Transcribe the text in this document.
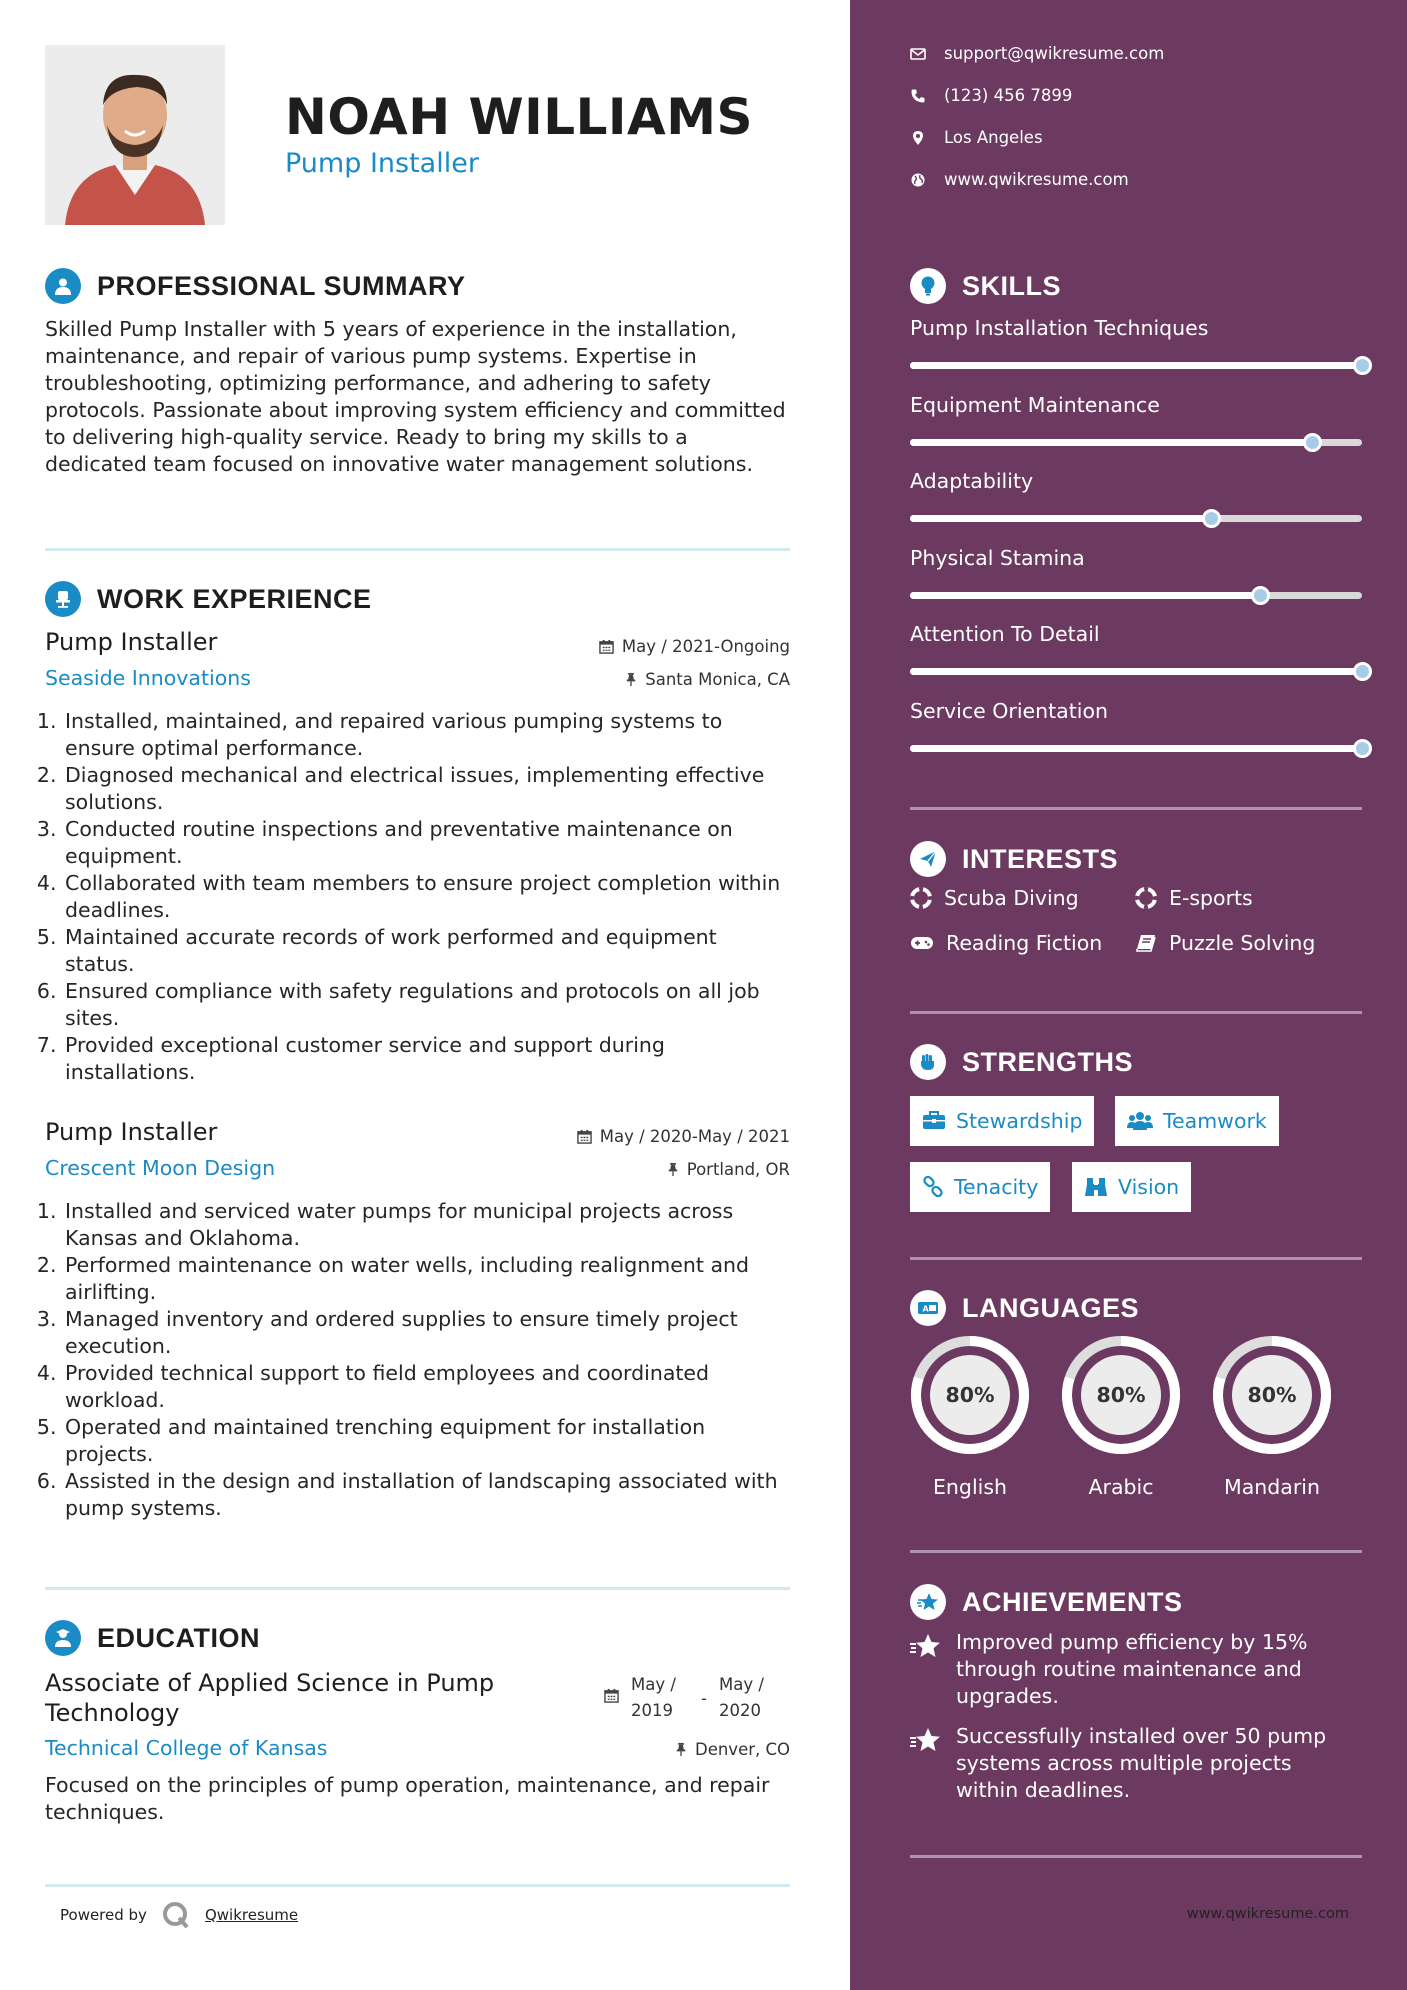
NOAH WILLIAMS
Pump Installer
PROFESSIONAL SUMMARY
Skilled Pump Installer with 5 years of experience in the installation, maintenance, and repair of various pump systems. Expertise in troubleshooting, optimizing performance, and adhering to safety protocols. Passionate about improving system efficiency and committed to delivering high-quality service. Ready to bring my skills to a dedicated team focused on innovative water management solutions.
WORK EXPERIENCE
Pump Installer
Seaside Innovations
May / 2021-Ongoing
Santa Monica, CA
1. Installed, maintained, and repaired various pumping systems to ensure optimal performance.
2. Diagnosed mechanical and electrical issues, implementing effective solutions.
3. Conducted routine inspections and preventative maintenance on equipment.
4. Collaborated with team members to ensure project completion within deadlines.
5. Maintained accurate records of work performed and equipment status.
6. Ensured compliance with safety regulations and protocols on all job sites.
7. Provided exceptional customer service and support during installations.
Pump Installer
Crescent Moon Design
May / 2020-May / 2021
Portland, OR
1. Installed and serviced water pumps for municipal projects across Kansas and Oklahoma.
2. Performed maintenance on water wells, including realignment and airlifting.
3. Managed inventory and ordered supplies to ensure timely project execution.
4. Provided technical support to field employees and coordinated workload.
5. Operated and maintained trenching equipment for installation projects.
6. Assisted in the design and installation of landscaping associated with pump systems.
EDUCATION
Associate of Applied Science in Pump Technology
Technical College of Kansas
May / 2019
-
May / 2020
Denver, CO
Focused on the principles of pump operation, maintenance, and repair techniques.
Powered by	Qwikresume
support@qwikresume.com
(123) 456 7899
Los Angeles
www.qwikresume.com
SKILLS
Pump Installation Techniques
Equipment Maintenance
Adaptability
Physical Stamina
Attention To Detail
Service Orientation
INTERESTS
Scuba Diving	E-sports
Reading Fiction	Puzzle Solving
STRENGTHS
Stewardship	Teamwork
Tenacity	Vision
A LANGUAGES
80%
English
80%
Arabic
80%
Mandarin
ACHIEVEMENTS
Improved pump efficiency by 15% through routine maintenance and upgrades.
Successfully installed over 50 pump systems across multiple projects within deadlines.
www.qwikresume.com
